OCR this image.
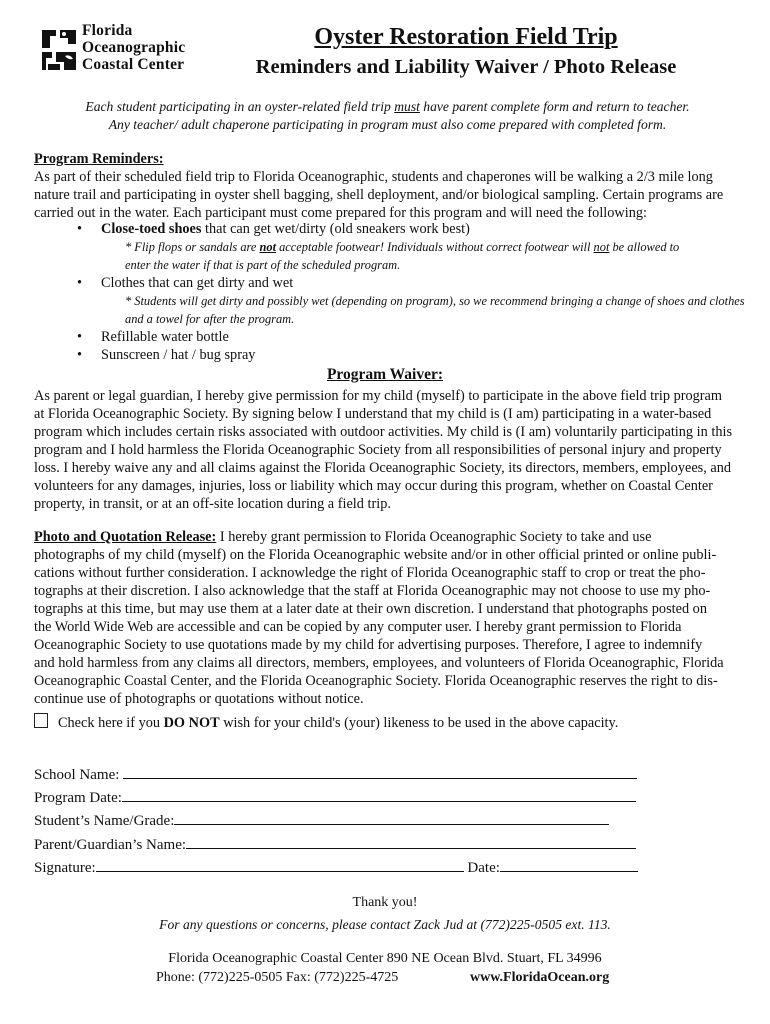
Florida
Oceanographic
Coastal Center
Oyster Restoration Field Trip
Reminders and Liability Waiver / Photo Release
Each student participating in an oyster-related field trip must have parent complete form and return to teacher.
Any teacher/ adult chaperone participating in program must also come prepared with completed form.
Program Reminders:
As part of their scheduled field trip to Florida Oceanographic, students and chaperones will be walking a 2/3 mile long
nature trail and participating in oyster shell bagging, shell deployment, and/or biological sampling. Certain programs are
carried out in the water. Each participant must come prepared for this program and will need the following:
• Close-toed shoes that can get wet/dirty (old sneakers work best)
* Flip flops or sandals are not acceptable footwear! Individuals without correct footwear will not be allowed to
enter the water if that is part of the scheduled program.
• Clothes that can get dirty and wet
* Students will get dirty and possibly wet (depending on program), so we recommend bringing a change of shoes and clothes
and a towel for after the program.
• Refillable water bottle
• Sunscreen / hat / bug spray
Program Waiver:
As parent or legal guardian, I hereby give permission for my child (myself) to participate in the above field trip program
at Florida Oceanographic Society. By signing below I understand that my child is (I am) participating in a water-based
program which includes certain risks associated with outdoor activities. My child is (I am) voluntarily participating in this
program and I hold harmless the Florida Oceanographic Society from all responsibilities of personal injury and property
loss. I hereby waive any and all claims against the Florida Oceanographic Society, its directors, members, employees, and
volunteers for any damages, injuries, loss or liability which may occur during this program, whether on Coastal Center
property, in transit, or at an off-site location during a field trip.
Photo and Quotation Release: I hereby grant permission to Florida Oceanographic Society to take and use
photographs of my child (myself) on the Florida Oceanographic website and/or in other official printed or online publi-
cations without further consideration. I acknowledge the right of Florida Oceanographic staff to crop or treat the pho-
tographs at their discretion. I also acknowledge that the staff at Florida Oceanographic may not choose to use my pho-
tographs at this time, but may use them at a later date at their own discretion. I understand that photographs posted on
the World Wide Web are accessible and can be copied by any computer user. I hereby grant permission to Florida
Oceanographic Society to use quotations made by my child for advertising purposes. Therefore, I agree to indemnify
and hold harmless from any claims all directors, members, employees, and volunteers of Florida Oceanographic, Florida
Oceanographic Coastal Center, and the Florida Oceanographic Society. Florida Oceanographic reserves the right to dis-
continue use of photographs or quotations without notice.
Check here if you DO NOT wish for your child's (your) likeness to be used in the above capacity.
School Name:
Program Date:
Student’s Name/Grade:
Parent/Guardian’s Name:
Signature:	Date:
Thank you!
For any questions or concerns, please contact Zack Jud at (772)225-0505 ext. 113.
Florida Oceanographic Coastal Center 890 NE Ocean Blvd. Stuart, FL 34996
Phone: (772)225-0505 Fax: (772)225-4725	www.FloridaOcean.org
